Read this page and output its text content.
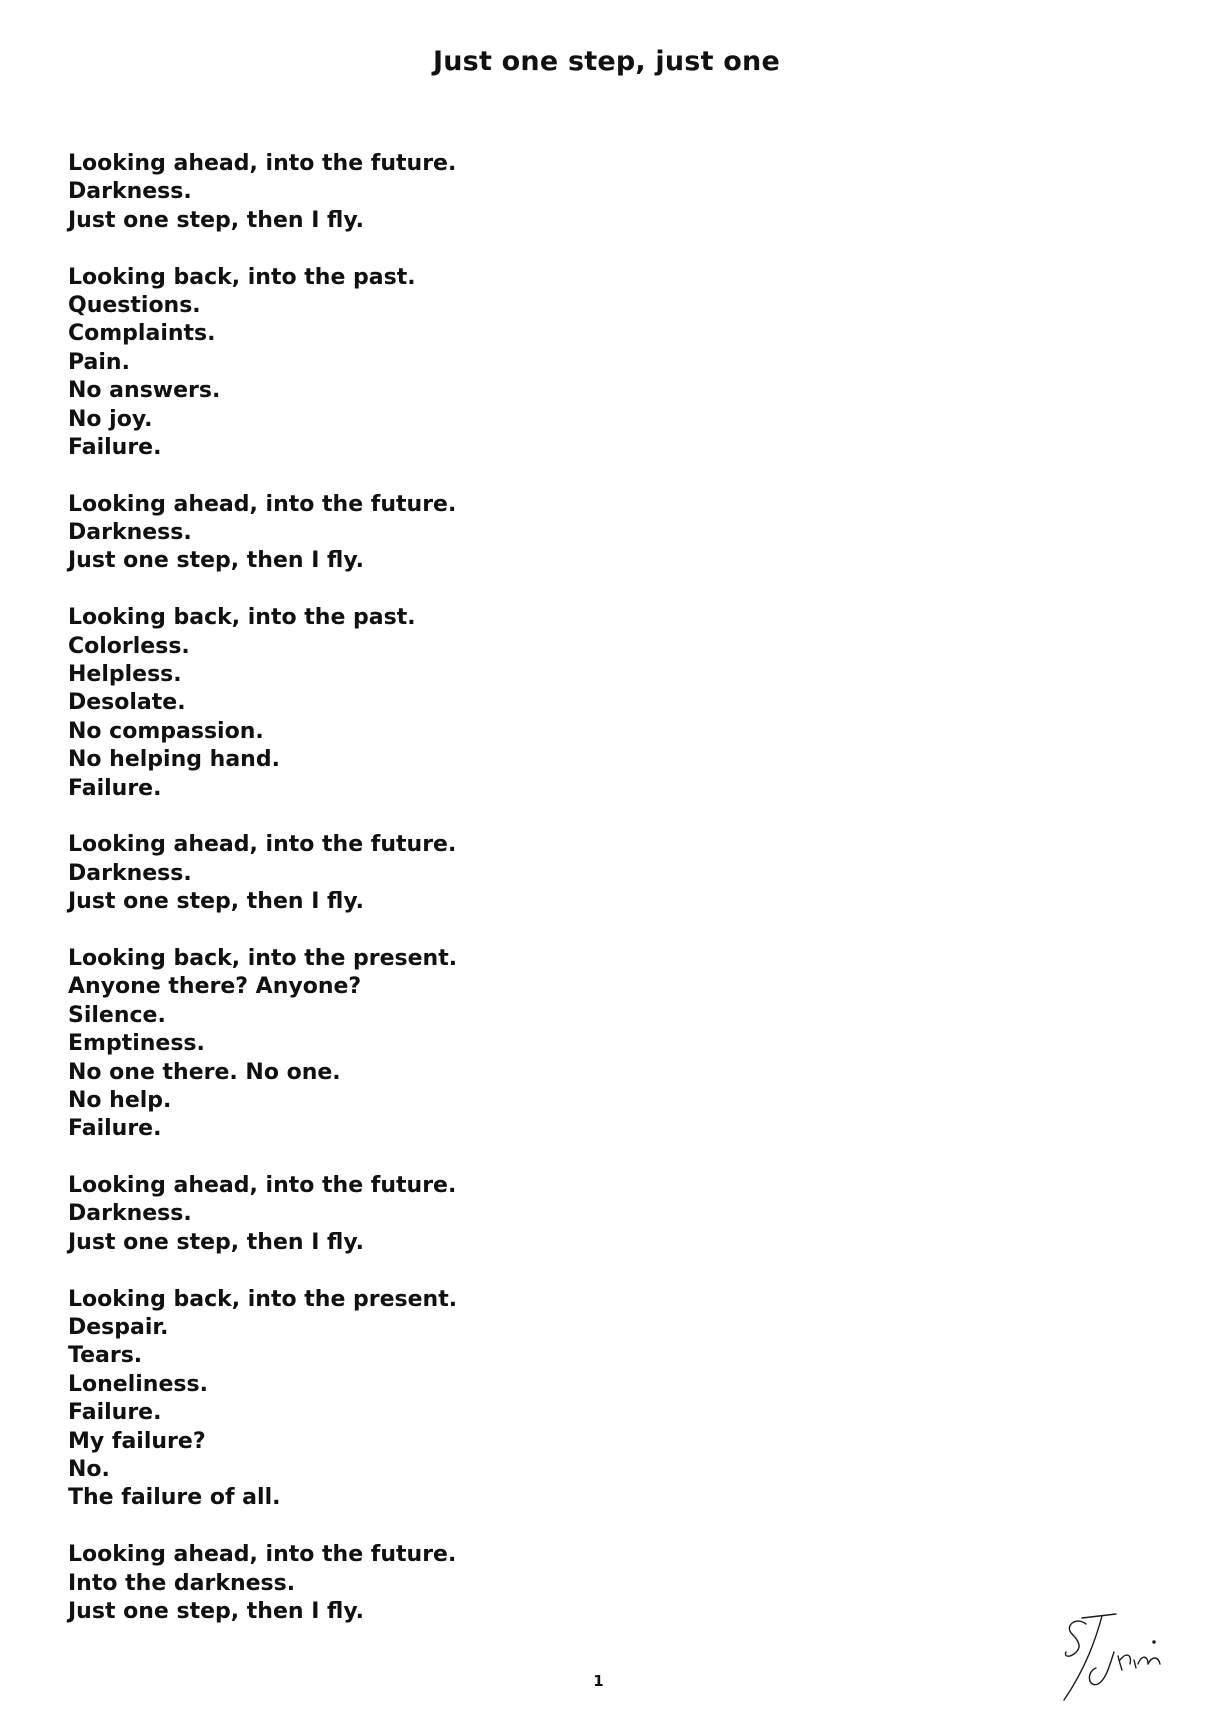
Just one step, just one
Looking ahead, into the future.
Darkness.
Just one step, then I fly.
Looking back, into the past.
Questions.
Complaints.
Pain.
No answers.
No joy.
Failure.
Looking ahead, into the future.
Darkness.
Just one step, then I fly.
Looking back, into the past.
Colorless.
Helpless.
Desolate.
No compassion.
No helping hand.
Failure.
Looking ahead, into the future.
Darkness.
Just one step, then I fly.
Looking back, into the present.
Anyone there? Anyone?
Silence.
Emptiness.
No one there. No one.
No help.
Failure.
Looking ahead, into the future.
Darkness.
Just one step, then I fly.
Looking back, into the present.
Despair.
Tears.
Loneliness.
Failure.
My failure?
No.
The failure of all.
Looking ahead, into the future.
Into the darkness.
Just one step, then I fly.
1
